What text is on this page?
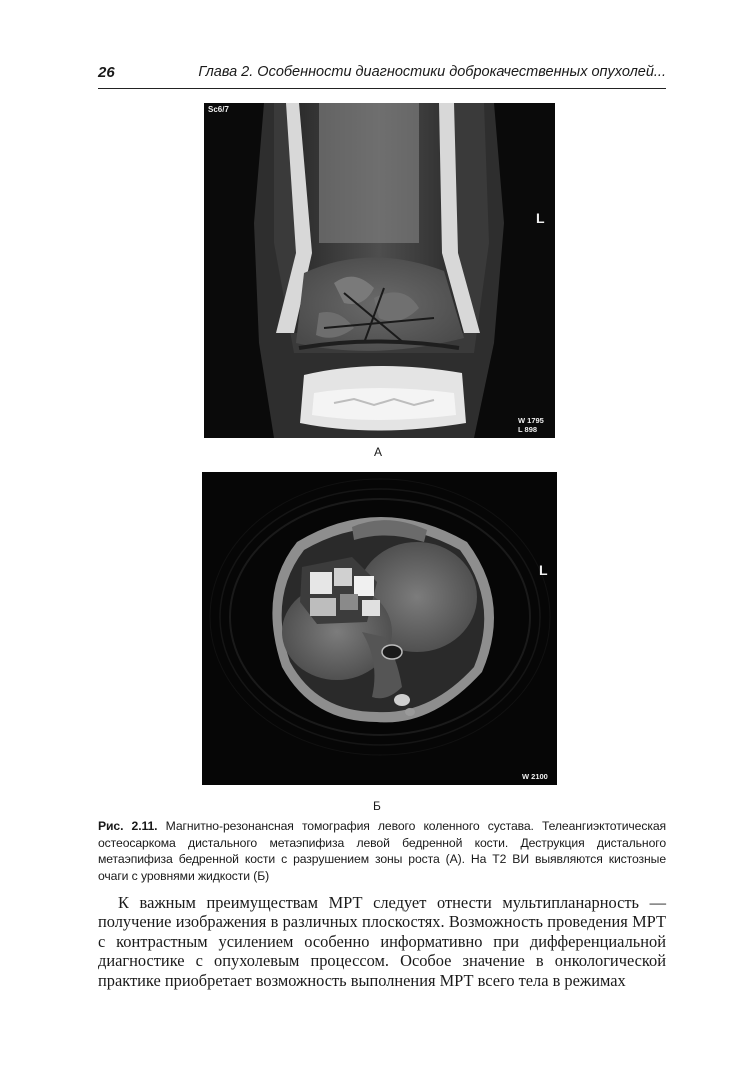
26	Глава 2. Особенности диагностики доброкачественных опухолей...
Sc6/7
L
W 1795
L 898
А
L
W 2100
Б
Рис. 2.11. Магнитно-резонансная томография левого коленного сустава. Телеангиэктотическая остеосаркома дистального метаэпифиза левой бедренной кости. Деструкция дистального метаэпифиза бедренной кости с разрушением зоны роста (А). На Т2 ВИ выявляются кистозные очаги с уровнями жидкости (Б)
К важным преимуществам МРТ следует отнести мультипланарность — получение изображения в различных плоскостях. Возможность проведения МРТ с контрастным усилением особенно информативно при дифференциальной диагностике с опухолевым процессом. Особое значение в онкологической практике приобретает возможность выполнения МРТ всего тела в режимах
